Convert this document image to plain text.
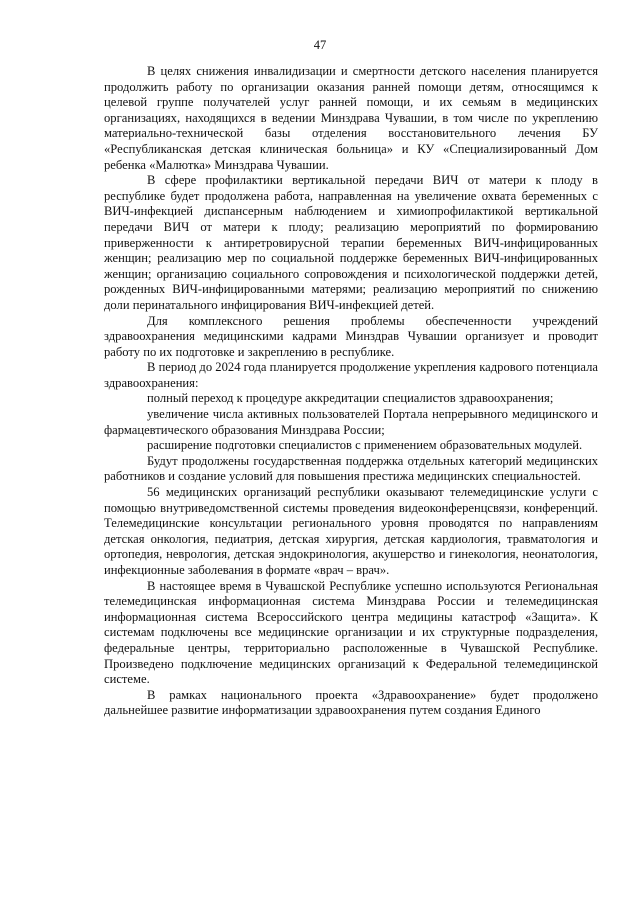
47

В целях снижения инвалидизации и смертности детского населения планируется продолжить работу по организации оказания ранней помощи детям, относящимся к целевой группе получателей услуг ранней помощи, и их семьям в медицинских организациях, находящихся в ведении Минздрава Чувашии, в том числе по укреплению материально-технической базы отделения восстановительного лечения БУ «Республиканская детская клиническая больница» и КУ «Специализированный Дом ребенка «Малютка» Минздрава Чувашии.

В сфере профилактики вертикальной передачи ВИЧ от матери к плоду в республике будет продолжена работа, направленная на увеличение охвата беременных с ВИЧ-инфекцией диспансерным наблюдением и химиопрофилактикой вертикальной передачи ВИЧ от матери к плоду; реализацию мероприятий по формированию приверженности к антиретровирусной терапии беременных ВИЧ-инфицированных женщин; реализацию мер по социальной поддержке беременных ВИЧ-инфицированных женщин; организацию социального сопровождения и психологической поддержки детей, рожденных ВИЧ-инфицированными матерями; реализацию мероприятий по снижению доли перинатального инфицирования ВИЧ-инфекцией детей.

Для комплексного решения проблемы обеспеченности учреждений здравоохранения медицинскими кадрами Минздрав Чувашии организует и проводит работу по их подготовке и закреплению в республике.

В период до 2024 года планируется продолжение укрепления кадрового потенциала здравоохранения:

полный переход к процедуре аккредитации специалистов здравоохранения;

увеличение числа активных пользователей Портала непрерывного медицинского и фармацевтического образования Минздрава России;

расширение подготовки специалистов с применением образовательных модулей.

Будут продолжены государственная поддержка отдельных категорий медицинских работников и создание условий для повышения престижа медицинских специальностей.

56 медицинских организаций республики оказывают телемедицинские услуги с помощью внутриведомственной системы проведения видеоконференцсвязи, конференций. Телемедицинские консультации регионального уровня проводятся по направлениям детская онкология, педиатрия, детская хирургия, детская кардиология, травматология и ортопедия, неврология, детская эндокринология, акушерство и гинекология, неонатология, инфекционные заболевания в формате «врач – врач».

В настоящее время в Чувашской Республике успешно используются Региональная телемедицинская информационная система Минздрава России и телемедицинская информационная система Всероссийского центра медицины катастроф «Защита». К системам подключены все медицинские организации и их структурные подразделения, федеральные центры, территориально расположенные в Чувашской Республике. Произведено подключение медицинских организаций к Федеральной телемедицинской системе.

В рамках национального проекта «Здравоохранение» будет продолжено дальнейшее развитие информатизации здравоохранения путем создания Единого
